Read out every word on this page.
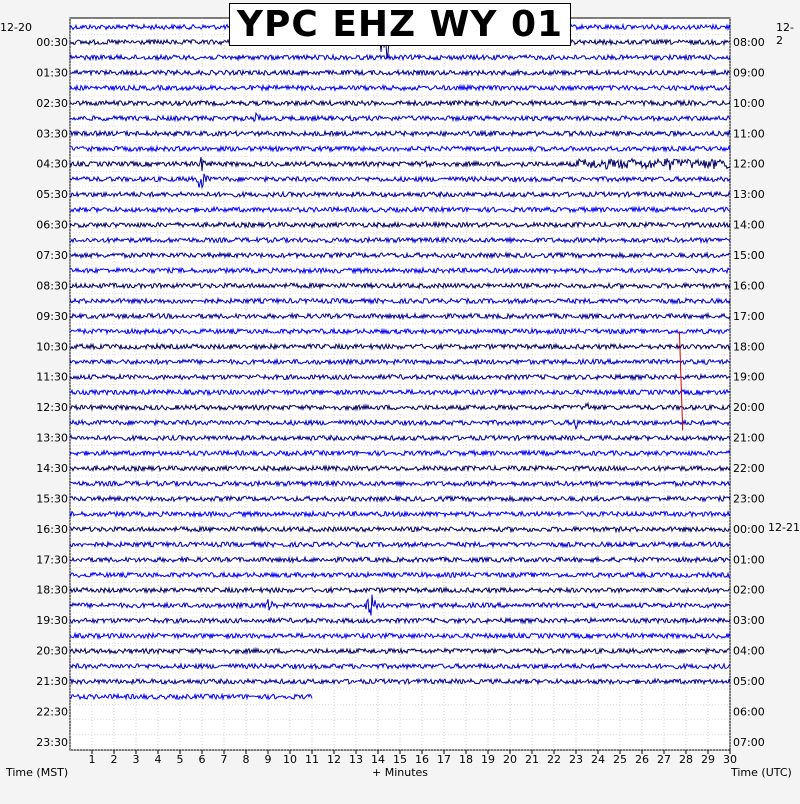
1 2 3 4 5 6 7 8 9 10 11 12 13 14 15 16 17 18 19 20 21 22 23 24 25 26 27 28 29 30
00:30
01:30
02:30
03:30
04:30
05:30
06:30
07:30
08:30
09:30
10:30
11:30
12:30
13:30
14:30
15:30
16:30
17:30
18:30
19:30
20:30
21:30
22:30
23:30
08:00
09:00
10:00
11:00
12:00
13:00
14:00
15:00
16:00
17:00
18:00
19:00
20:00
21:00
22:00
23:00
00:00
01:00
02:00
03:00
04:00
05:00
06:00
07:00
YPC EHZ WY 01
12-20	12-2
12-21
Time (MST)	+ Minutes	Time (UTC)
